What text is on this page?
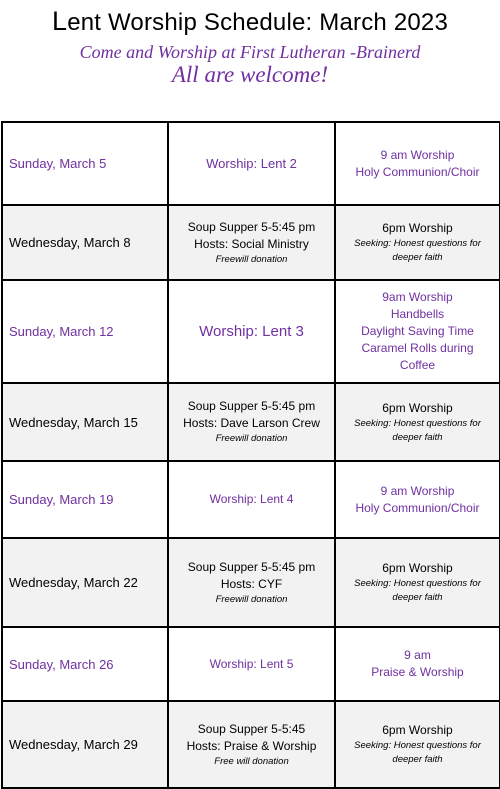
Lent Worship Schedule: March 2023
Come and Worship at First Lutheran -Brainerd
All are welcome!
Sunday, March 5	Worship: Lent 2	9 am Worship
Holy Communion/Choir

Wednesday, March 8	Soup Supper 5-5:45 pm
Hosts: Social Ministry
Freewill donation	6pm Worship
Seeking: Honest questions for
deeper faith

Sunday, March 12	Worship: Lent 3	9am Worship
Handbells
Daylight Saving Time
Caramel Rolls during
Coffee

Wednesday, March 15	Soup Supper 5-5:45 pm
Hosts: Dave Larson Crew
Freewill donation	6pm Worship
Seeking: Honest questions for
deeper faith

Sunday, March 19	Worship: Lent 4	9 am Worship
Holy Communion/Choir

Wednesday, March 22	Soup Supper 5-5:45 pm
Hosts: CYF
Freewill donation	6pm Worship
Seeking: Honest questions for
deeper faith

Sunday, March 26	Worship: Lent 5	9 am
Praise & Worship

Wednesday, March 29	Soup Supper 5-5:45
Hosts: Praise & Worship
Free will donation	6pm Worship
Seeking: Honest questions for
deeper faith
